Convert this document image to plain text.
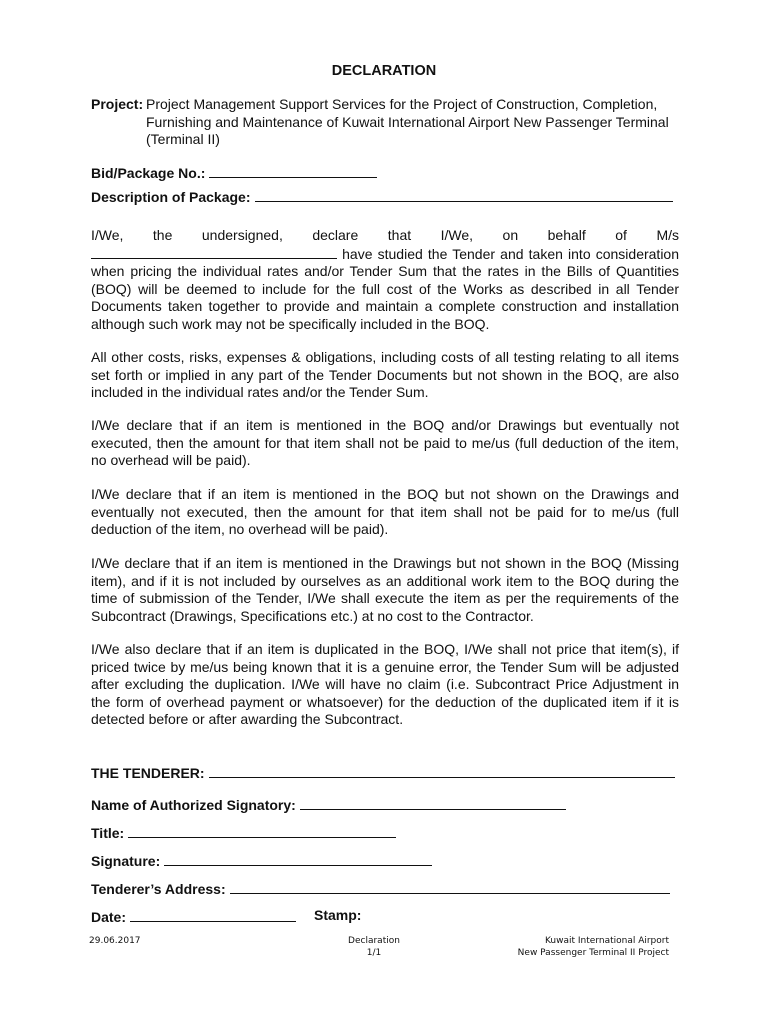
DECLARATION
Project: Project Management Support Services for the Project of Construction, Completion, Furnishing and Maintenance of Kuwait International Airport New Passenger Terminal (Terminal II)
Bid/Package No.:
Description of Package:
I/We, the undersigned, declare that I/We, on behalf of M/s have studied the Tender and taken into consideration when pricing the individual rates and/or Tender Sum that the rates in the Bills of Quantities (BOQ) will be deemed to include for the full cost of the Works as described in all Tender Documents taken together to provide and maintain a complete construction and installation although such work may not be specifically included in the BOQ.

All other costs, risks, expenses & obligations, including costs of all testing relating to all items set forth or implied in any part of the Tender Documents but not shown in the BOQ, are also included in the individual rates and/or the Tender Sum.

I/We declare that if an item is mentioned in the BOQ and/or Drawings but eventually not executed, then the amount for that item shall not be paid to me/us (full deduction of the item, no overhead will be paid).

I/We declare that if an item is mentioned in the BOQ but not shown on the Drawings and eventually not executed, then the amount for that item shall not be paid for to me/us (full deduction of the item, no overhead will be paid).

I/We declare that if an item is mentioned in the Drawings but not shown in the BOQ (Missing item), and if it is not included by ourselves as an additional work item to the BOQ during the time of submission of the Tender, I/We shall execute the item as per the requirements of the Subcontract (Drawings, Specifications etc.) at no cost to the Contractor.

I/We also declare that if an item is duplicated in the BOQ, I/We shall not price that item(s), if priced twice by me/us being known that it is a genuine error, the Tender Sum will be adjusted after excluding the duplication. I/We will have no claim (i.e. Subcontract Price Adjustment in the form of overhead payment or whatsoever) for the deduction of the duplicated item if it is detected before or after awarding the Subcontract.

THE TENDERER:
Name of Authorized Signatory:
Title:
Signature:
Tenderer’s Address:
Date:	Stamp:
29.06.2017	Declaration
1/1
Kuwait International Airport
New Passenger Terminal II Project
